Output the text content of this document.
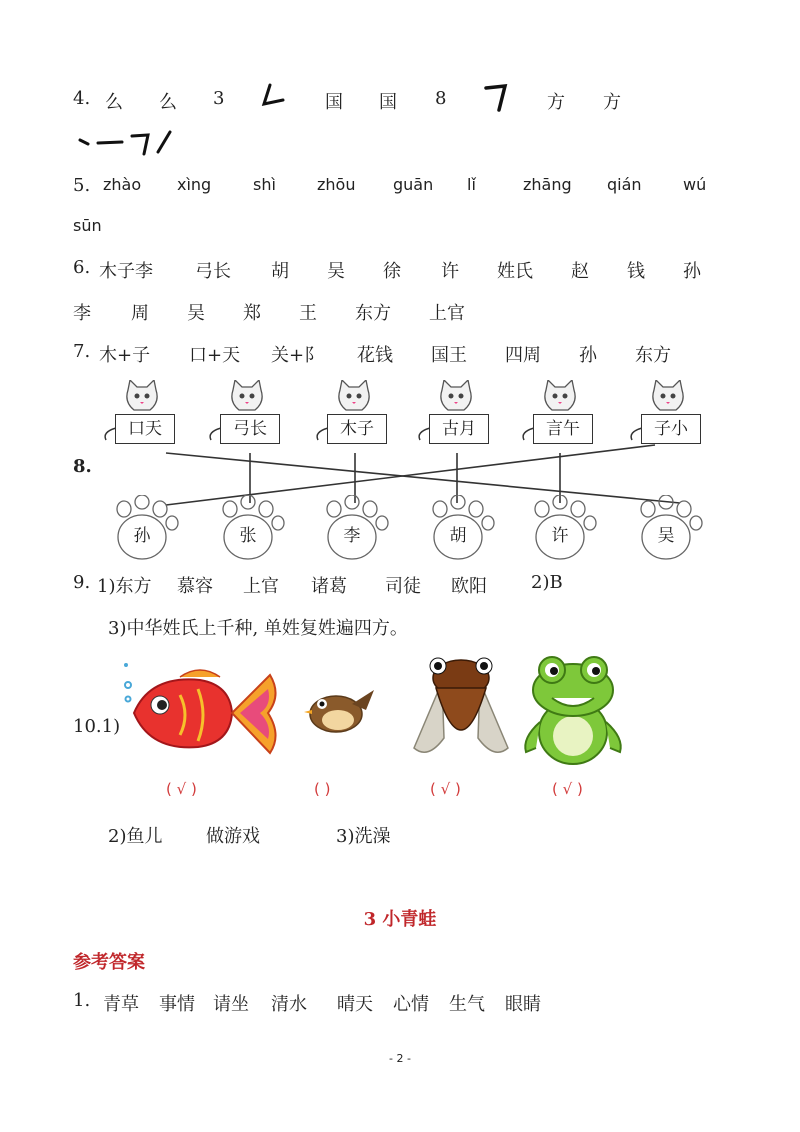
4. 么 么 3	国 国 8	方 方
5. zhào xìng	shì	zhōu guān lǐ	zhāng qián	wú
sūn
6. 木子李 弓长 胡 吴 徐 许 姓氏 赵 钱 孙
李 周 吴 郑 王 东方 上官
7. 木+子 口+天 关+阝 花钱 国王 四周 孙 东方
8.
口天	弓长	木子	古月	言午	子小
孙	张	李	胡	许	吴
9. 1)东方 慕容 上官 诸葛 司徒 欧阳 2)B
3)中华姓氏上千种, 单姓复姓遍四方。
10.1)
( √ )	( )	( √ )	( √ )
2)鱼儿 做游戏	3)洗澡
3 小青蛙
参考答案
1. 青草 事情 请坐 清水 晴天 心情 生气 眼睛
- 2 -
